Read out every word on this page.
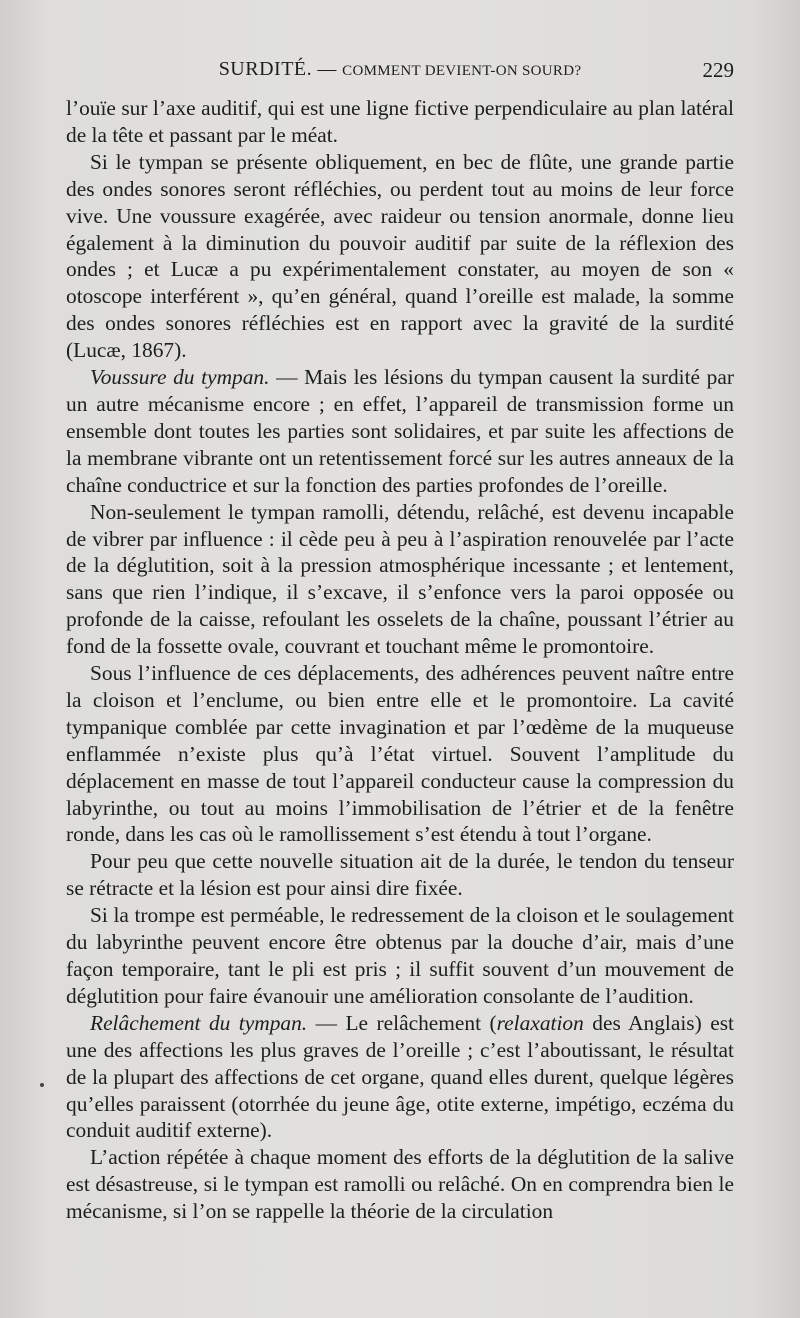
SURDITÉ. — COMMENT DEVIENT-ON SOURD?	229

l’ouïe sur l’axe auditif, qui est une ligne fictive perpendiculaire au plan latéral de la tête et passant par le méat.

Si le tympan se présente obliquement, en bec de flûte, une grande partie des ondes sonores seront réfléchies, ou perdent tout au moins de leur force vive. Une voussure exagérée, avec raideur ou tension anormale, donne lieu également à la diminution du pouvoir auditif par suite de la réflexion des ondes ; et Lucæ a pu expérimentalement constater, au moyen de son « otoscope interférent », qu’en général, quand l’oreille est malade, la somme des ondes sonores réfléchies est en rapport avec la gravité de la surdité (Lucæ, 1867).

Voussure du tympan. — Mais les lésions du tympan causent la surdité par un autre mécanisme encore ; en effet, l’appareil de transmission forme un ensemble dont toutes les parties sont solidaires, et par suite les affections de la membrane vibrante ont un retentissement forcé sur les autres anneaux de la chaîne conductrice et sur la fonction des parties profondes de l’oreille.

Non-seulement le tympan ramolli, détendu, relâché, est devenu incapable de vibrer par influence : il cède peu à peu à l’aspiration renouvelée par l’acte de la déglutition, soit à la pression atmosphérique incessante ; et lentement, sans que rien l’indique, il s’excave, il s’enfonce vers la paroi opposée ou profonde de la caisse, refoulant les osselets de la chaîne, poussant l’étrier au fond de la fossette ovale, couvrant et touchant même le promontoire.

Sous l’influence de ces déplacements, des adhérences peuvent naître entre la cloison et l’enclume, ou bien entre elle et le promontoire. La cavité tympanique comblée par cette invagination et par l’œdème de la muqueuse enflammée n’existe plus qu’à l’état virtuel. Souvent l’amplitude du déplacement en masse de tout l’appareil conducteur cause la compression du labyrinthe, ou tout au moins l’immobilisation de l’étrier et de la fenêtre ronde, dans les cas où le ramollissement s’est étendu à tout l’organe.

Pour peu que cette nouvelle situation ait de la durée, le tendon du tenseur se rétracte et la lésion est pour ainsi dire fixée.

Si la trompe est perméable, le redressement de la cloison et le soulagement du labyrinthe peuvent encore être obtenus par la douche d’air, mais d’une façon temporaire, tant le pli est pris ; il suffit souvent d’un mouvement de déglutition pour faire évanouir une amélioration consolante de l’audition.

Relâchement du tympan. — Le relâchement (relaxation des Anglais) est une des affections les plus graves de l’oreille ; c’est l’aboutissant, le résultat de la plupart des affections de cet organe, quand elles durent, quelque légères qu’elles paraissent (otorrhée du jeune âge, otite externe, impétigo, eczéma du conduit auditif externe).

L’action répétée à chaque moment des efforts de la déglutition de la salive est désastreuse, si le tympan est ramolli ou relâché. On en comprendra bien le mécanisme, si l’on se rappelle la théorie de la circulation
